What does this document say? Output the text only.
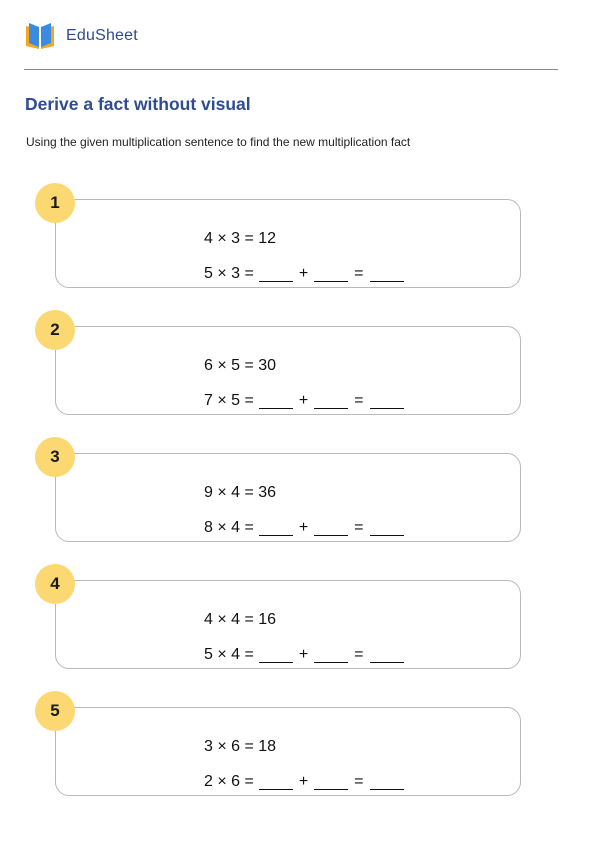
EduSheet
Derive a fact without visual
Using the given multiplication sentence to find the new multiplication fact
4 × 3 = 12
5 × 3 =	+	=
1
6 × 5 = 30
7 × 5 =	+	=
2
9 × 4 = 36
8 × 4 =	+	=
3
4 × 4 = 16
5 × 4 =	+	=
4
3 × 6 = 18
2 × 6 =	+	=
5
